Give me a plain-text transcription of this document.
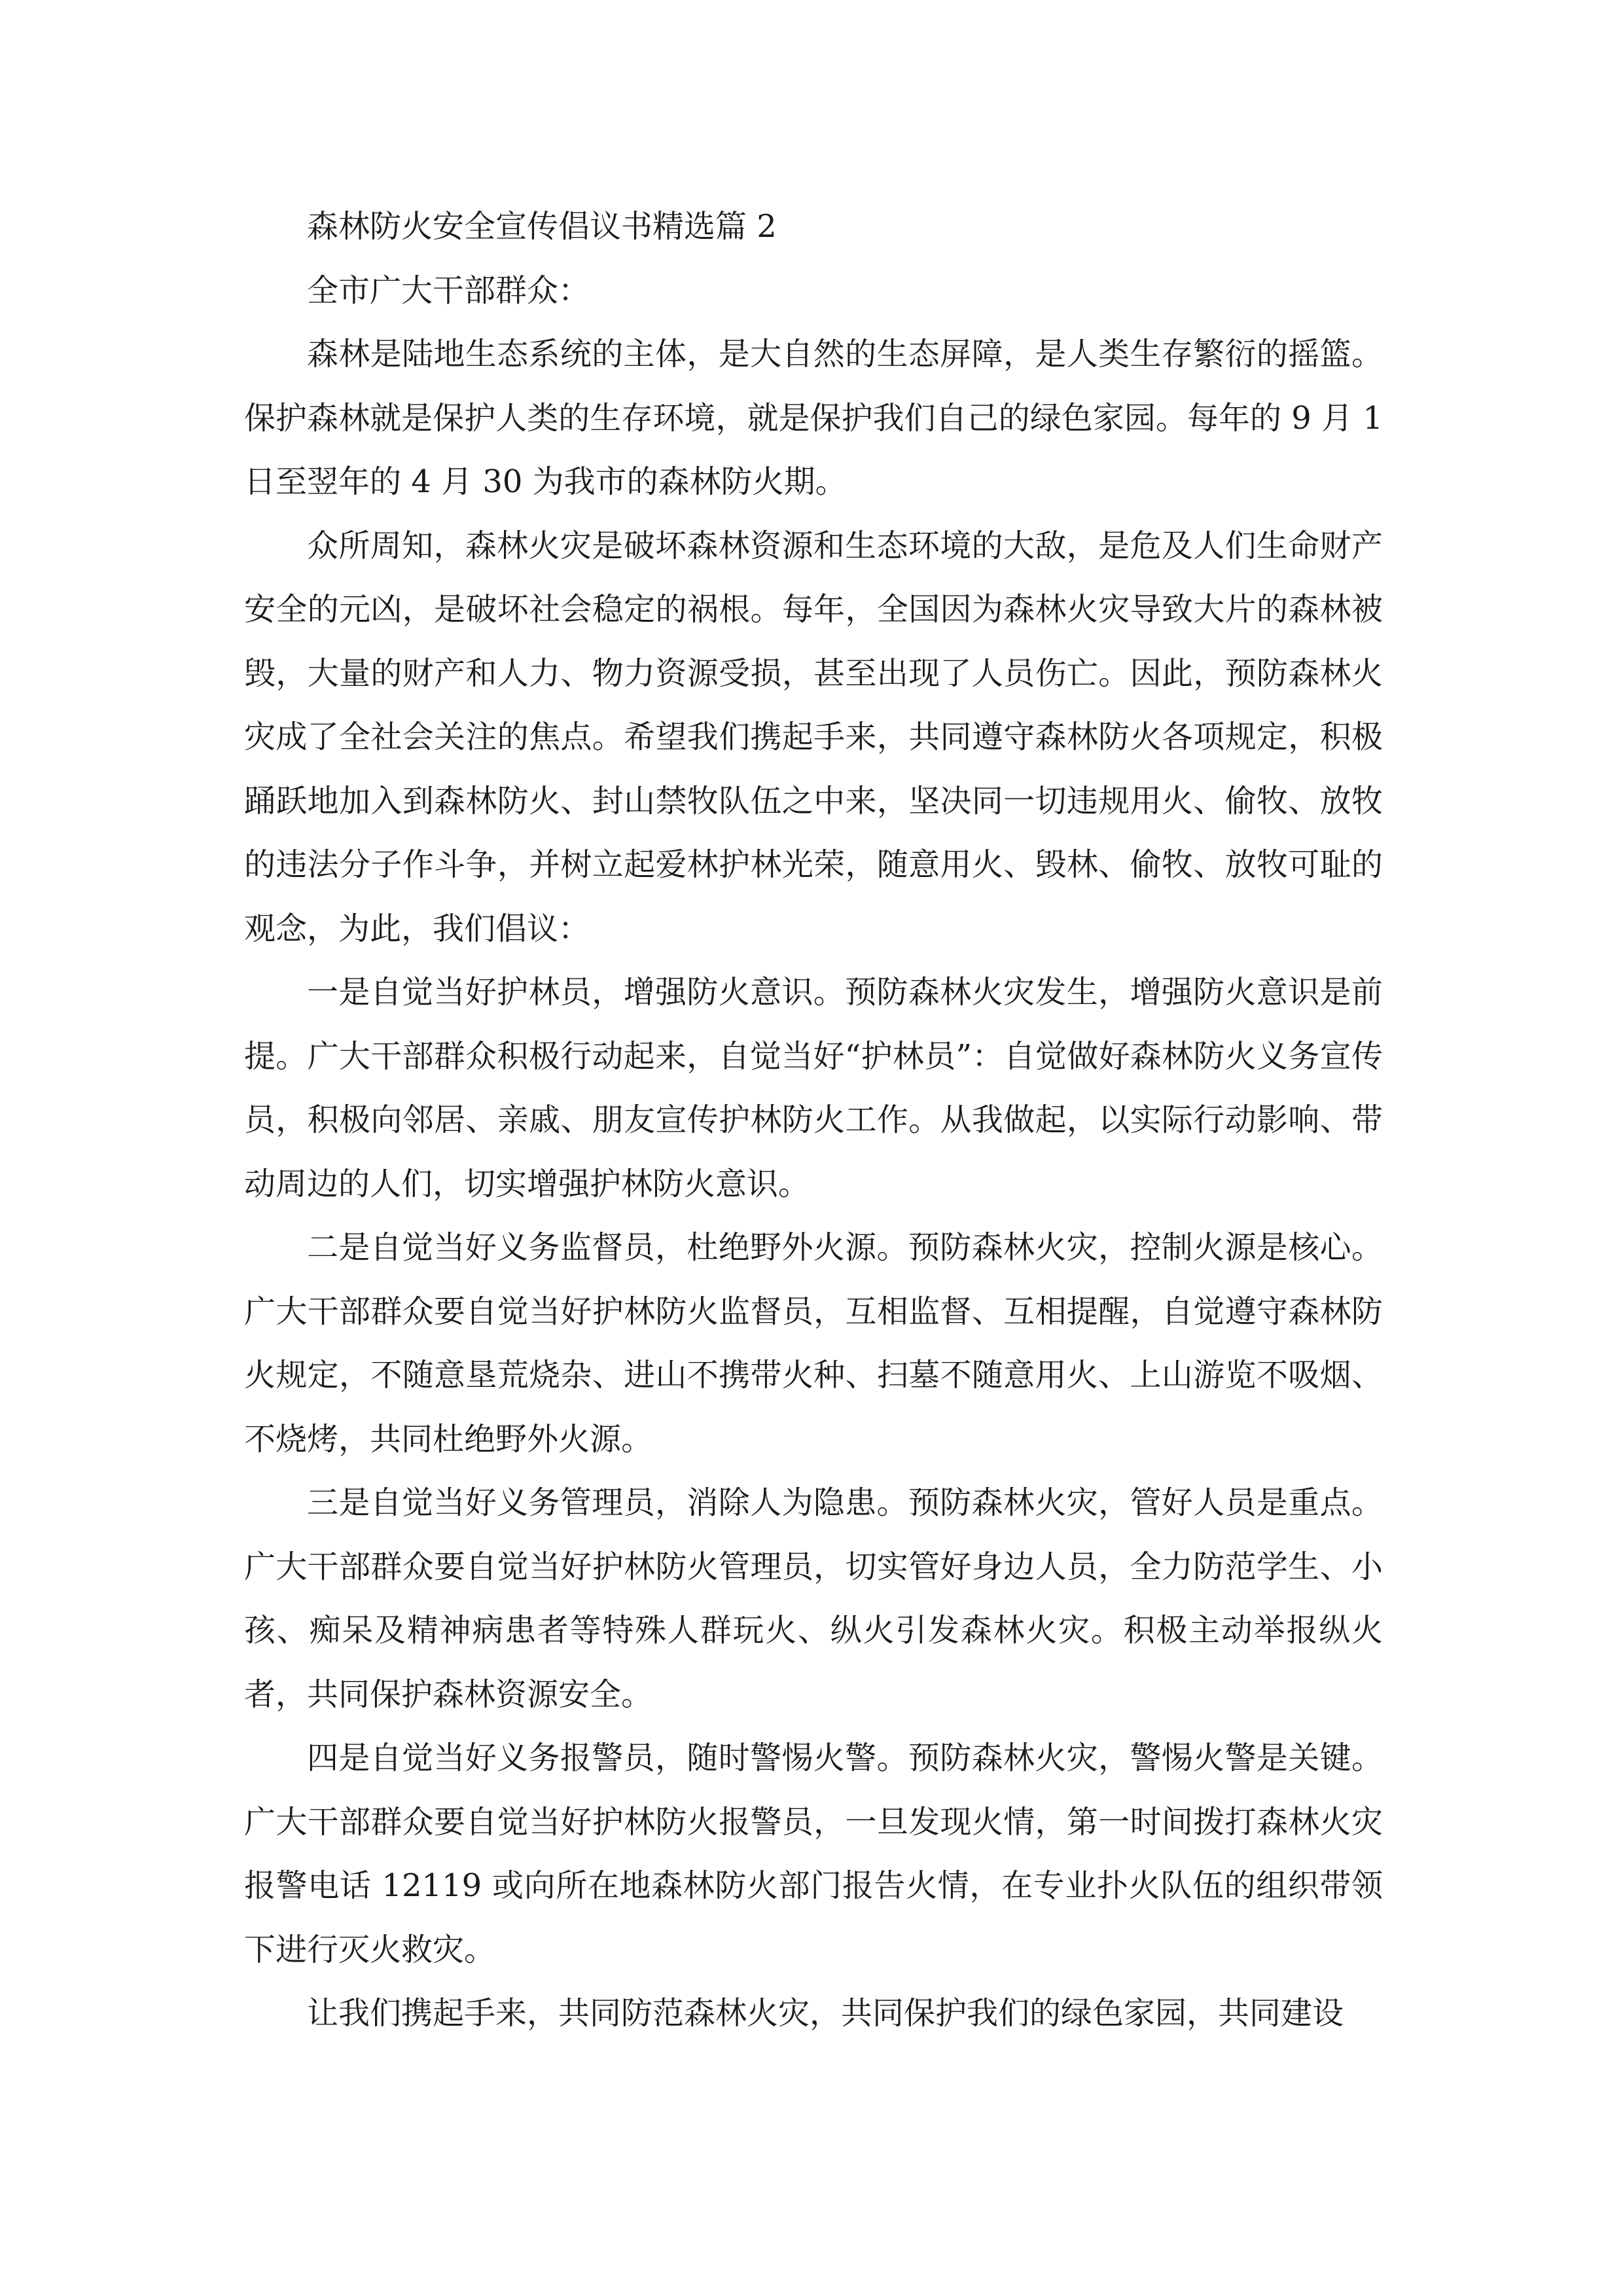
森林防火安全宣传倡议书精选篇 2

全市广大干部群众：

森林是陆地生态系统的主体，是大自然的生态屏障，是人类生存繁衍的摇篮。保护森林就是保护人类的生存环境，就是保护我们自己的绿色家园。每年的 9 月 1 日至翌年的 4 月 30 为我市的森林防火期。

众所周知，森林火灾是破坏森林资源和生态环境的大敌，是危及人们生命财产安全的元凶，是破坏社会稳定的祸根。每年，全国因为森林火灾导致大片的森林被毁，大量的财产和人力、物力资源受损，甚至出现了人员伤亡。因此，预防森林火灾成了全社会关注的焦点。希望我们携起手来，共同遵守森林防火各项规定，积极踊跃地加入到森林防火、封山禁牧队伍之中来，坚决同一切违规用火、偷牧、放牧的违法分子作斗争，并树立起爱林护林光荣，随意用火、毁林、偷牧、放牧可耻的观念，为此，我们倡议：

一是自觉当好护林员，增强防火意识。预防森林火灾发生，增强防火意识是前提。广大干部群众积极行动起来，自觉当好“护林员”：自觉做好森林防火义务宣传员，积极向邻居、亲戚、朋友宣传护林防火工作。从我做起，以实际行动影响、带动周边的人们，切实增强护林防火意识。

二是自觉当好义务监督员，杜绝野外火源。预防森林火灾，控制火源是核心。广大干部群众要自觉当好护林防火监督员，互相监督、互相提醒，自觉遵守森林防火规定，不随意垦荒烧杂、进山不携带火种、扫墓不随意用火、上山游览不吸烟、不烧烤，共同杜绝野外火源。

三是自觉当好义务管理员，消除人为隐患。预防森林火灾，管好人员是重点。广大干部群众要自觉当好护林防火管理员，切实管好身边人员，全力防范学生、小孩、痴呆及精神病患者等特殊人群玩火、纵火引发森林火灾。积极主动举报纵火者，共同保护森林资源安全。

四是自觉当好义务报警员，随时警惕火警。预防森林火灾，警惕火警是关键。广大干部群众要自觉当好护林防火报警员，一旦发现火情，第一时间拨打森林火灾报警电话 12119 或向所在地森林防火部门报告火情，在专业扑火队伍的组织带领下进行灭火救灾。

让我们携起手来，共同防范森林火灾，共同保护我们的绿色家园，共同建设
